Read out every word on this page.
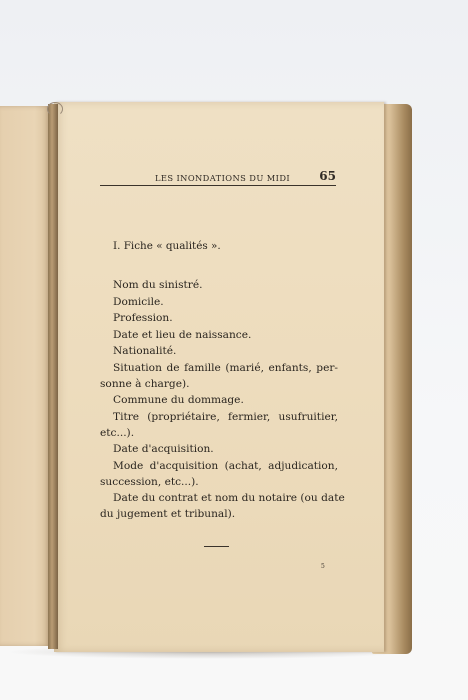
LES INONDATIONS DU MIDI 65
I. Fiche « qualités ».
Nom du sinistré.
Domicile.
Profession.
Date et lieu de naissance.
Nationalité.
Situation de famille (marié, enfants, per-
sonne à charge).
Commune du dommage.
Titre (propriétaire, fermier, usufruitier,
etc...).
Date d'acquisition.
Mode d'acquisition (achat, adjudication,
succession, etc...).
Date du contrat et nom du notaire (ou date
du jugement et tribunal).
5
